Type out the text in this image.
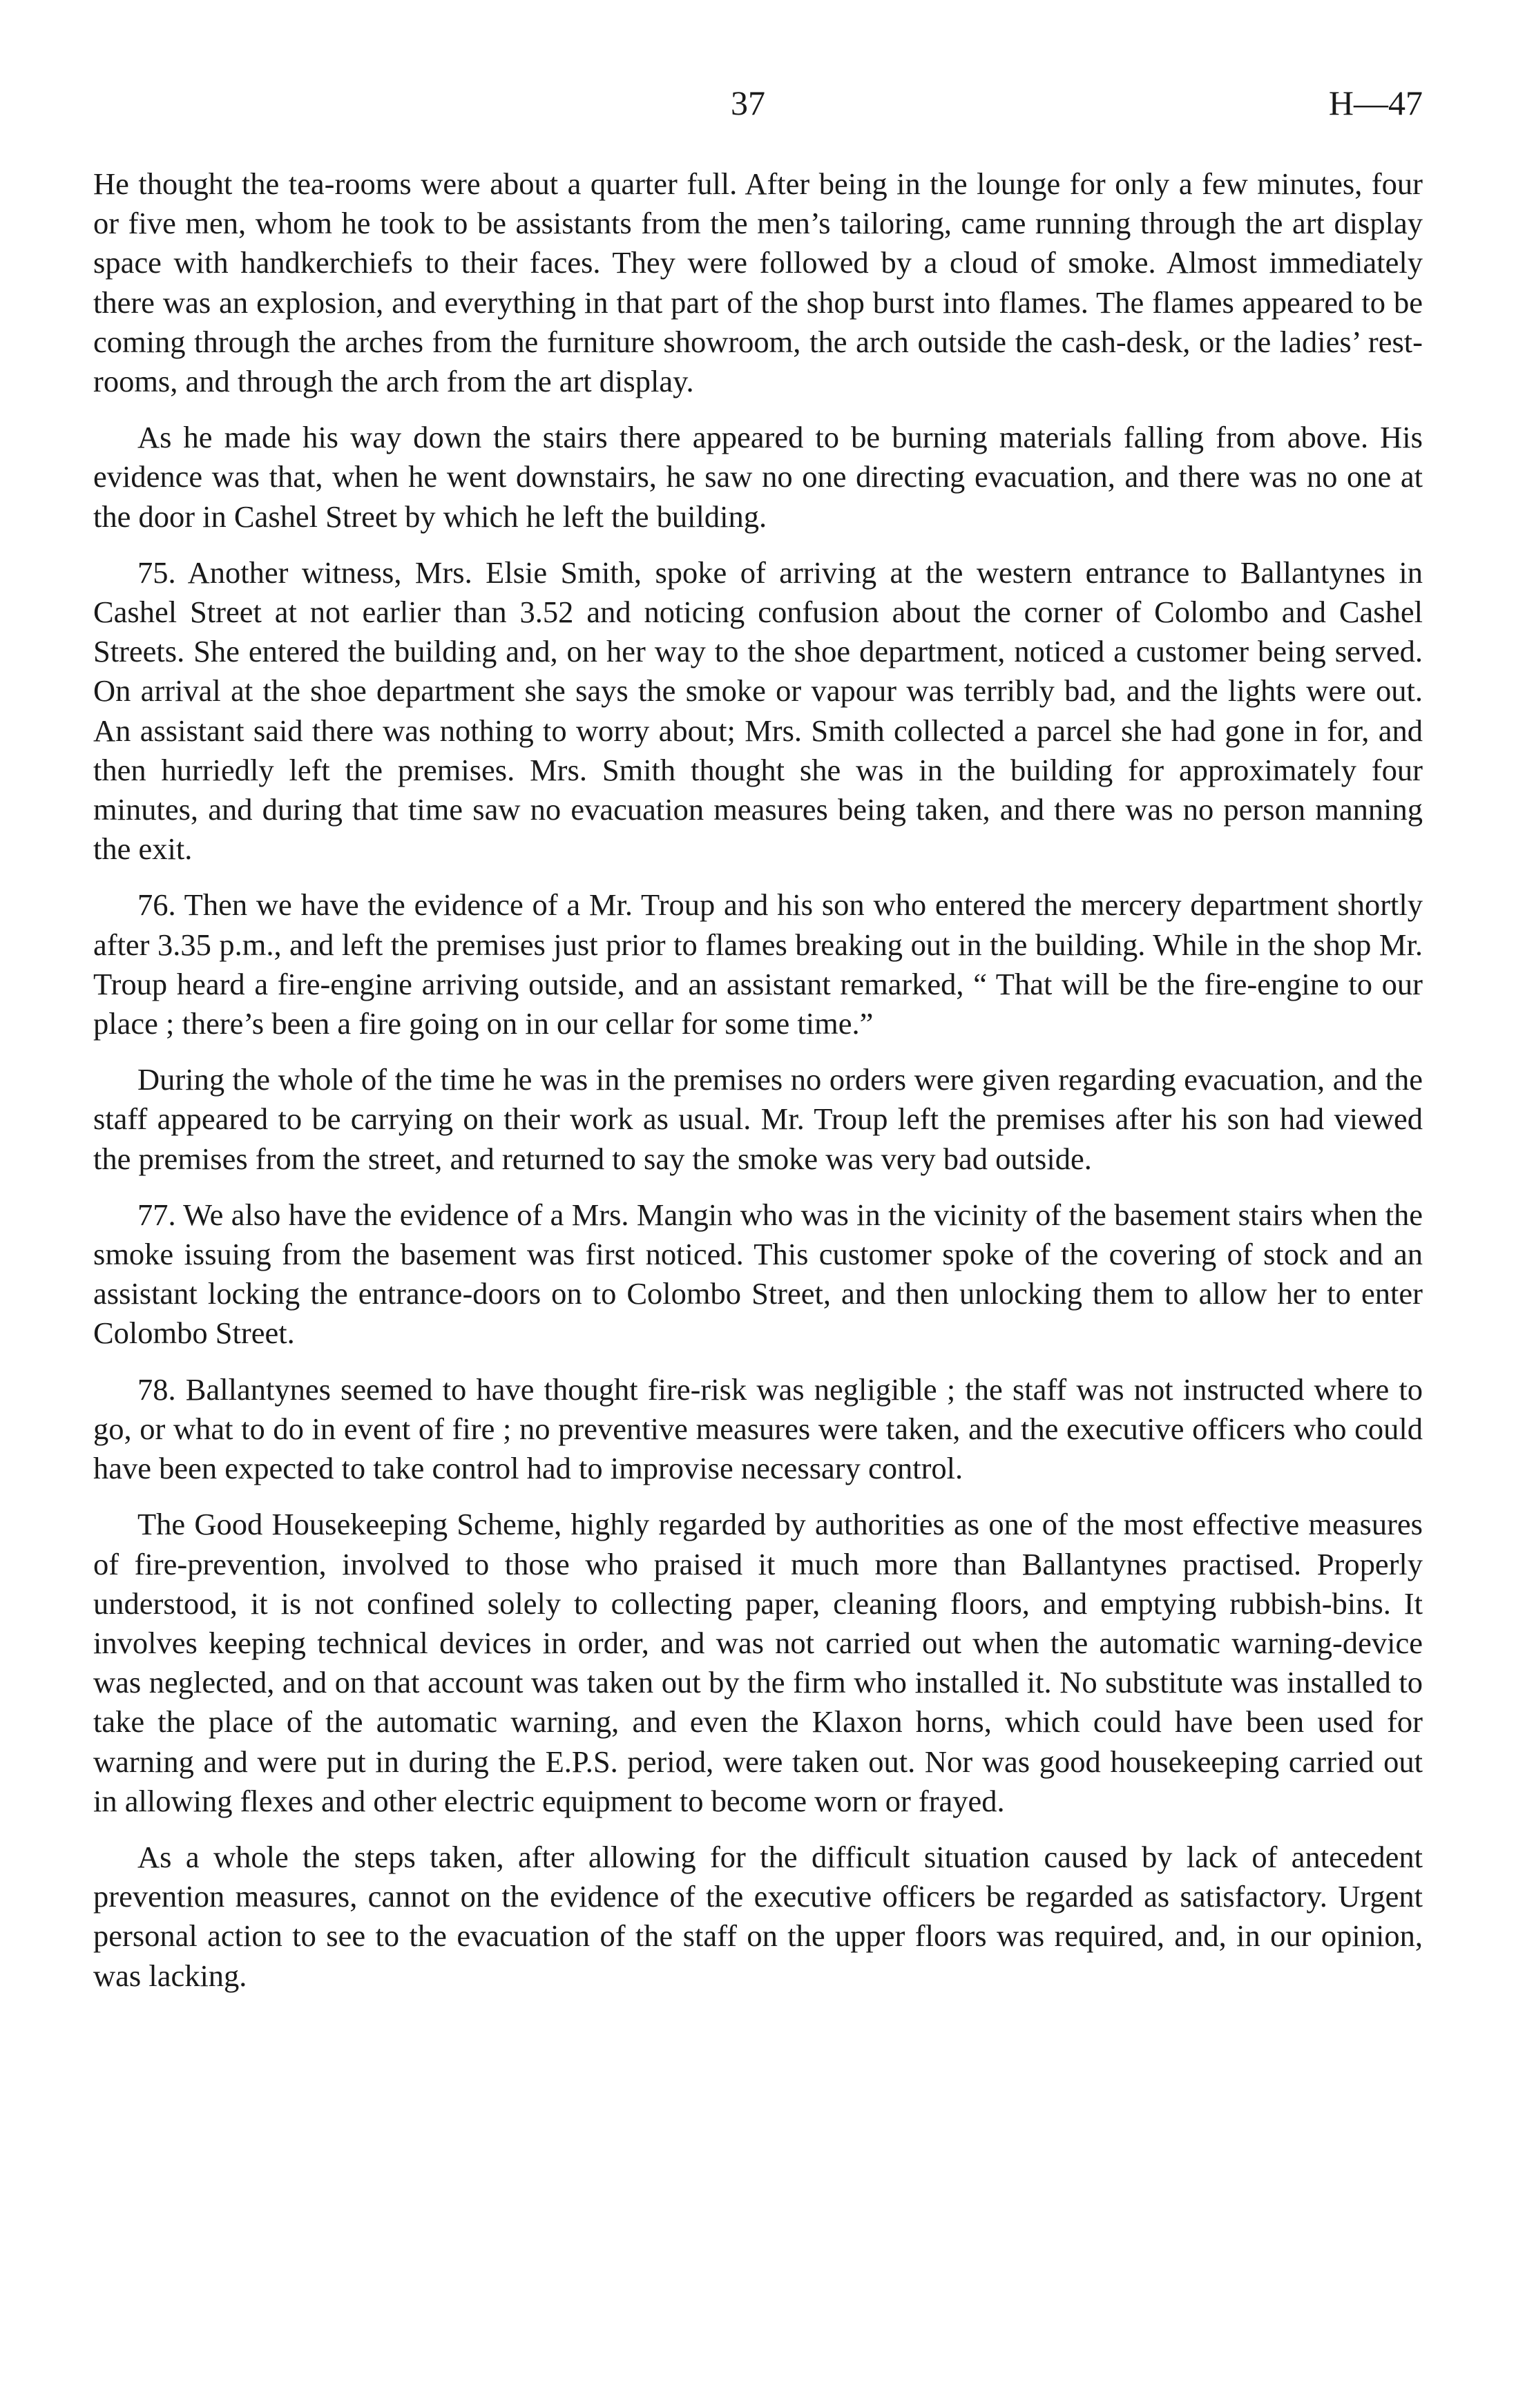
37	H—47

He thought the tea-rooms were about a quarter full. After being in the lounge for only a few minutes, four or five men, whom he took to be assistants from the men’s tailoring, came running through the art display space with handkerchiefs to their faces. They were followed by a cloud of smoke. Almost immediately there was an explosion, and everything in that part of the shop burst into flames. The flames appeared to be coming through the arches from the furniture showroom, the arch outside the cash-desk, or the ladies’ rest-rooms, and through the arch from the art display.

As he made his way down the stairs there appeared to be burning materials falling from above. His evidence was that, when he went downstairs, he saw no one directing evacuation, and there was no one at the door in Cashel Street by which he left the building.

75. Another witness, Mrs. Elsie Smith, spoke of arriving at the western entrance to Ballantynes in Cashel Street at not earlier than 3.52 and noticing confusion about the corner of Colombo and Cashel Streets. She entered the building and, on her way to the shoe department, noticed a customer being served. On arrival at the shoe department she says the smoke or vapour was terribly bad, and the lights were out. An assistant said there was nothing to worry about; Mrs. Smith collected a parcel she had gone in for, and then hurriedly left the premises. Mrs. Smith thought she was in the building for approximately four minutes, and during that time saw no evacuation measures being taken, and there was no person manning the exit.

76. Then we have the evidence of a Mr. Troup and his son who entered the mercery department shortly after 3.35 p.m., and left the premises just prior to flames breaking out in the building. While in the shop Mr. Troup heard a fire-engine arriving outside, and an assistant remarked, “ That will be the fire-engine to our place ; there’s been a fire going on in our cellar for some time.”

During the whole of the time he was in the premises no orders were given regarding evacuation, and the staff appeared to be carrying on their work as usual. Mr. Troup left the premises after his son had viewed the premises from the street, and returned to say the smoke was very bad outside.

77. We also have the evidence of a Mrs. Mangin who was in the vicinity of the basement stairs when the smoke issuing from the basement was first noticed. This customer spoke of the covering of stock and an assistant locking the entrance-doors on to Colombo Street, and then unlocking them to allow her to enter Colombo Street.

78. Ballantynes seemed to have thought fire-risk was negligible ; the staff was not instructed where to go, or what to do in event of fire ; no preventive measures were taken, and the executive officers who could have been expected to take control had to improvise necessary control.

The Good Housekeeping Scheme, highly regarded by authorities as one of the most effective measures of fire-prevention, involved to those who praised it much more than Ballantynes practised. Properly understood, it is not confined solely to collecting paper, cleaning floors, and emptying rubbish-bins. It involves keeping technical devices in order, and was not carried out when the automatic warning-device was neglected, and on that account was taken out by the firm who installed it. No substitute was installed to take the place of the automatic warning, and even the Klaxon horns, which could have been used for warning and were put in during the E.P.S. period, were taken out. Nor was good housekeeping carried out in allowing flexes and other electric equipment to become worn or frayed.

As a whole the steps taken, after allowing for the difficult situation caused by lack of antecedent prevention measures, cannot on the evidence of the executive officers be regarded as satisfactory. Urgent personal action to see to the evacuation of the staff on the upper floors was required, and, in our opinion, was lacking.
